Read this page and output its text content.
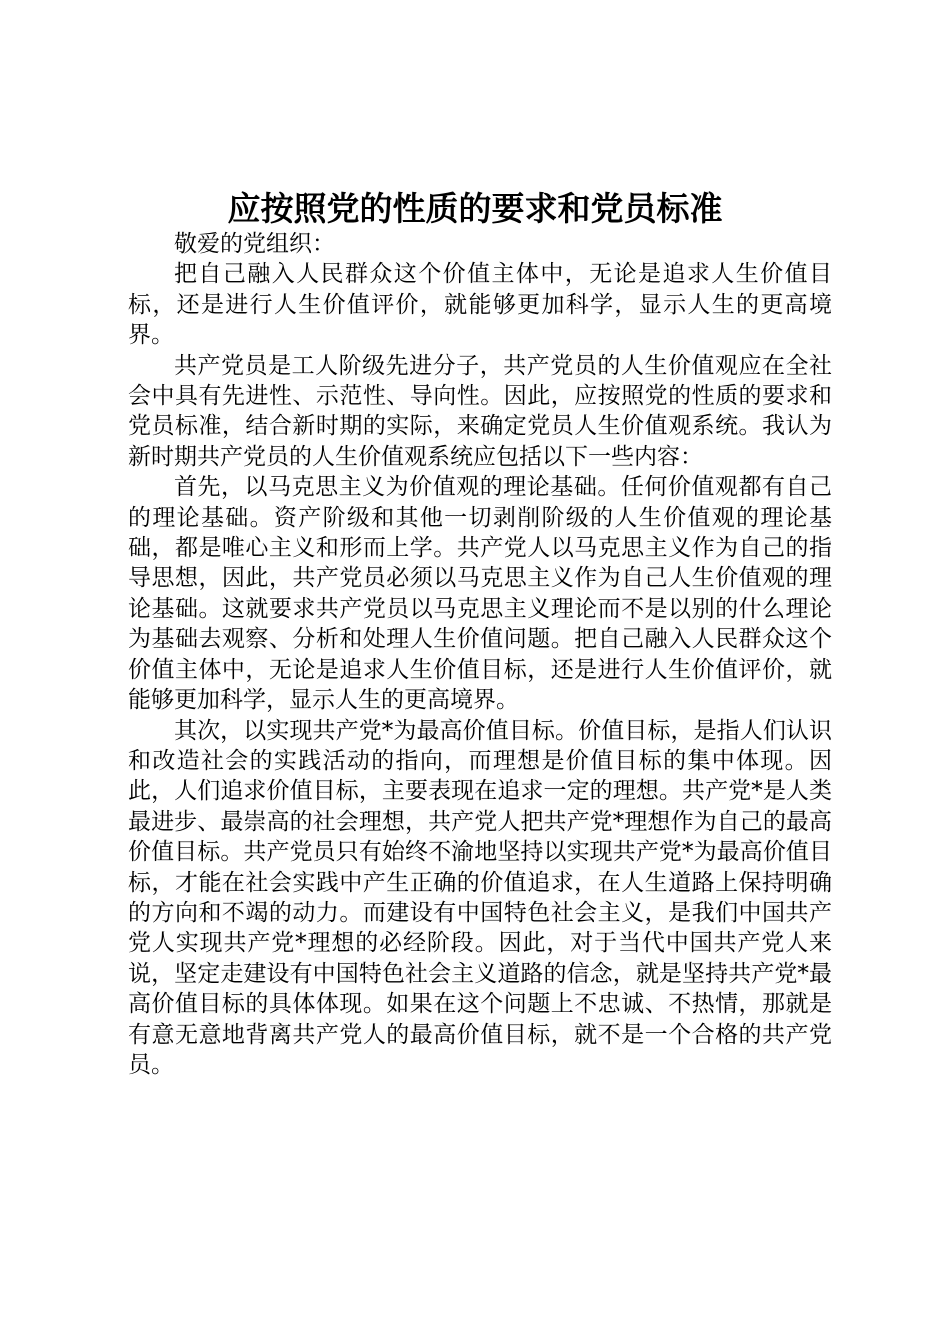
应按照党的性质的要求和党员标准

敬爱的党组织：

把自己融入人民群众这个价值主体中，无论是追求人生价值目标，还是进行人生价值评价，就能够更加科学，显示人生的更高境界。

共产党员是工人阶级先进分子，共产党员的人生价值观应在全社会中具有先进性、示范性、导向性。因此，应按照党的性质的要求和党员标准，结合新时期的实际，来确定党员人生价值观系统。我认为新时期共产党员的人生价值观系统应包括以下一些内容：

首先，以马克思主义为价值观的理论基础。任何价值观都有自己的理论基础。资产阶级和其他一切剥削阶级的人生价值观的理论基础，都是唯心主义和形而上学。共产党人以马克思主义作为自己的指导思想，因此，共产党员必须以马克思主义作为自己人生价值观的理论基础。这就要求共产党员以马克思主义理论而不是以别的什么理论为基础去观察、分析和处理人生价值问题。把自己融入人民群众这个价值主体中，无论是追求人生价值目标，还是进行人生价值评价，就能够更加科学，显示人生的更高境界。

其次，以实现共产党*为最高价值目标。价值目标，是指人们认识和改造社会的实践活动的指向，而理想是价值目标的集中体现。因此，人们追求价值目标，主要表现在追求一定的理想。共产党*是人类最进步、最崇高的社会理想，共产党人把共产党*理想作为自己的最高价值目标。共产党员只有始终不渝地坚持以实现共产党*为最高价值目标，才能在社会实践中产生正确的价值追求，在人生道路上保持明确的方向和不竭的动力。而建设有中国特色社会主义，是我们中国共产党人实现共产党*理想的必经阶段。因此，对于当代中国共产党人来说，坚定走建设有中国特色社会主义道路的信念，就是坚持共产党*最高价值目标的具体体现。如果在这个问题上不忠诚、不热情，那就是有意无意地背离共产党人的最高价值目标，就不是一个合格的共产党员。
